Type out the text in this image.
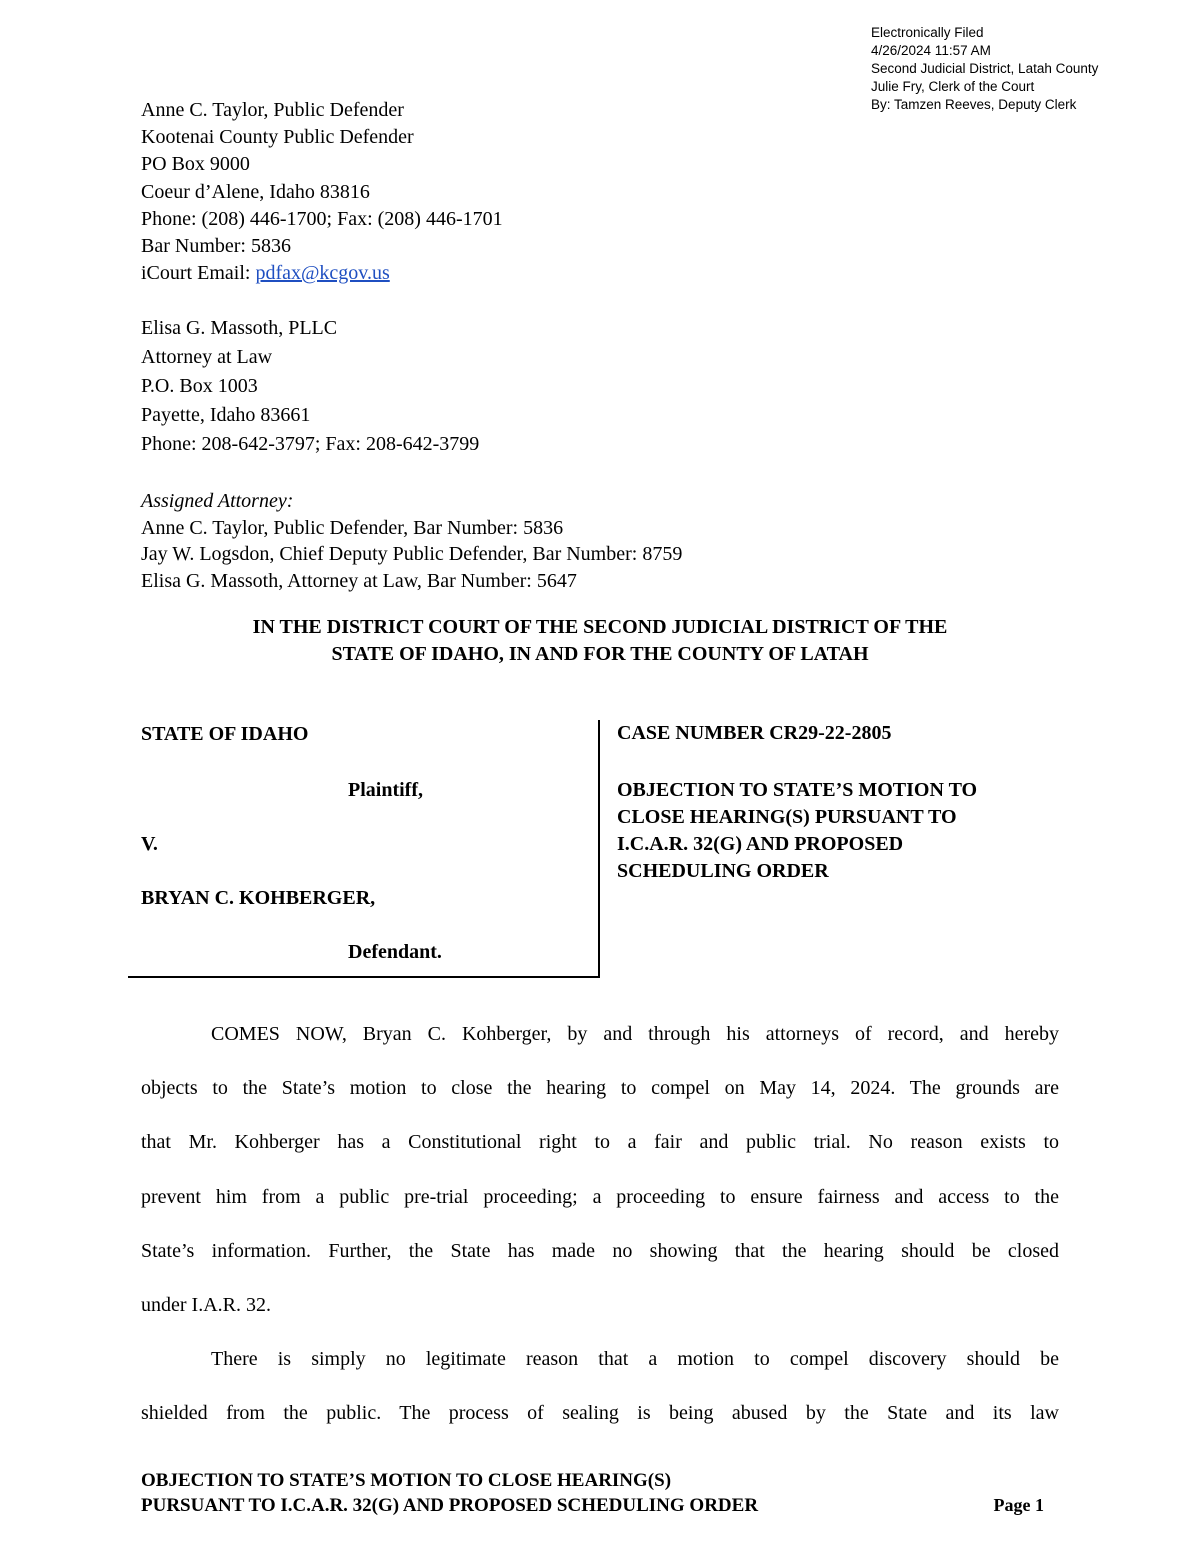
Electronically Filed
4/26/2024 11:57 AM
Second Judicial District, Latah County
Julie Fry, Clerk of the Court
By: Tamzen Reeves, Deputy Clerk
Anne C. Taylor, Public Defender
Kootenai County Public Defender
PO Box 9000
Coeur d’Alene, Idaho 83816
Phone: (208) 446-1700; Fax: (208) 446-1701
Bar Number: 5836
iCourt Email: pdfax@kcgov.us
Elisa G. Massoth, PLLC
Attorney at Law
P.O. Box 1003
Payette, Idaho 83661
Phone: 208-642-3797; Fax: 208-642-3799
Assigned Attorney:
Anne C. Taylor, Public Defender, Bar Number: 5836
Jay W. Logsdon, Chief Deputy Public Defender, Bar Number: 8759
Elisa G. Massoth, Attorney at Law, Bar Number: 5647
IN THE DISTRICT COURT OF THE SECOND JUDICIAL DISTRICT OF THE
STATE OF IDAHO, IN AND FOR THE COUNTY OF LATAH
STATE OF IDAHO
Plaintiff,
V.
BRYAN C. KOHBERGER,
Defendant.
CASE NUMBER CR29-22-2805
OBJECTION TO STATE’S MOTION TO
CLOSE HEARING(S) PURSUANT TO
I.C.A.R. 32(G) AND PROPOSED
SCHEDULING ORDER
COMES NOW, Bryan C. Kohberger, by and through his attorneys of record, and hereby
objects to the State’s motion to close the hearing to compel on May 14, 2024. The grounds are
that Mr. Kohberger has a Constitutional right to a fair and public trial. No reason exists to
prevent him from a public pre-trial proceeding; a proceeding to ensure fairness and access to the
State’s information. Further, the State has made no showing that the hearing should be closed
under I.A.R. 32.
There is simply no legitimate reason that a motion to compel discovery should be
shielded from the public. The process of sealing is being abused by the State and its law
OBJECTION TO STATE’S MOTION TO CLOSE HEARING(S)
PURSUANT TO I.C.A.R. 32(G) AND PROPOSED SCHEDULING ORDER	Page 1
